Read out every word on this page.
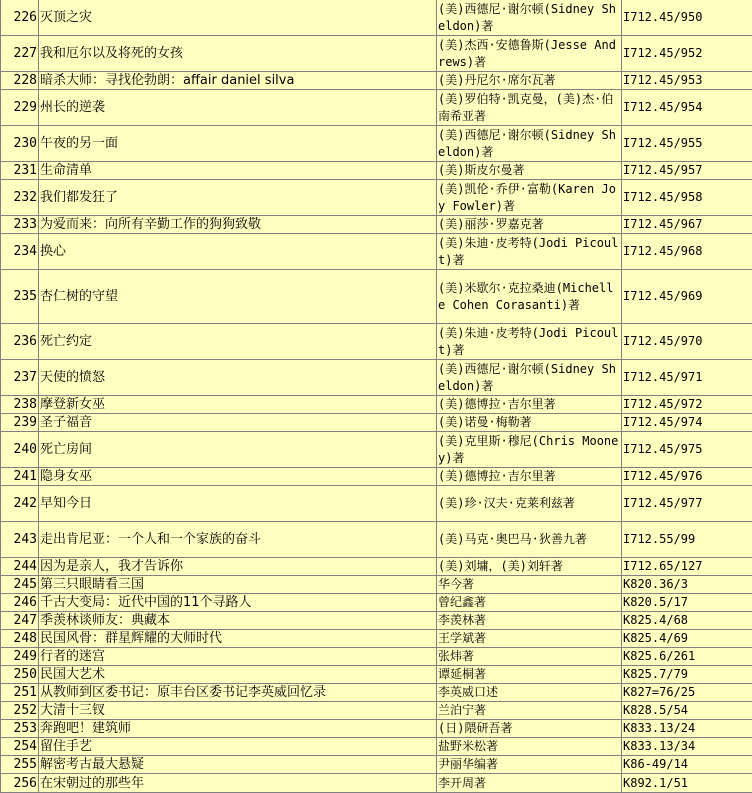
226	灭顶之灾	(美)西德尼·谢尔顿(Sidney Sheldon)著	I712.45/950
227	我和厄尔以及将死的女孩	(美)杰西·安德鲁斯(Jesse Andrews)著	I712.45/952
228	暗杀大师：寻找伦勃朗：affair daniel silva	(美)丹尼尔·席尔瓦著	I712.45/953
229	州长的逆袭	(美)罗伯特·凯克曼，(美)杰·伯南希亚著	I712.45/954
230	午夜的另一面	(美)西德尼·谢尔顿(Sidney Sheldon)著	I712.45/955
231	生命清单	(美)斯皮尔曼著	I712.45/957
232	我们都发狂了	(美)凯伦·乔伊·富勒(Karen Joy Fowler)著	I712.45/958
233	为爱而来：向所有辛勤工作的狗狗致敬	(美)丽莎·罗嘉克著	I712.45/967
234	换心	(美)朱迪·皮考特(Jodi Picoult)著	I712.45/968
235	杏仁树的守望	(美)米歇尔·克拉桑迪(Michelle Cohen Corasanti)著	I712.45/969
236	死亡约定	(美)朱迪·皮考特(Jodi Picoult)著	I712.45/970
237	天使的愤怒	(美)西德尼·谢尔顿(Sidney Sheldon)著	I712.45/971
238	摩登新女巫	(美)德博拉·吉尔里著	I712.45/972
239	圣子福音	(美)诺曼·梅勒著	I712.45/974
240	死亡房间	(美)克里斯·穆尼(Chris Mooney)著	I712.45/975
241	隐身女巫	(美)德博拉·吉尔里著	I712.45/976
242	早知今日	(美)珍·汉夫·克莱利兹著	I712.45/977
243	走出肯尼亚：一个人和一个家族的奋斗	(美)马克·奥巴马·狄善九著	I712.55/99
244	因为是亲人，我才告诉你	(美)刘墉，(美)刘轩著	I712.65/127
245	第三只眼睛看三国	华今著	K820.36/3
246	千古大变局：近代中国的11个寻路人	曾纪鑫著	K820.5/17
247	季羡林谈师友：典藏本	李羡林著	K825.4/68
248	民国风骨：群星辉耀的大师时代	王学斌著	K825.4/69
249	行者的迷宫	张炜著	K825.6/261
250	民国大艺术	谭延桐著	K825.7/79
251	从教师到区委书记：原丰台区委书记李英威回忆录	李英威口述	K827=76/25
252	大清十三钗	兰泊宁著	K828.5/54
253	奔跑吧！建筑师	(日)隈研吾著	K833.13/24
254	留住手艺	盐野米松著	K833.13/34
255	解密考古最大悬疑	尹丽华编著	K86-49/14
256	在宋朝过的那些年	李开周著	K892.1/51
